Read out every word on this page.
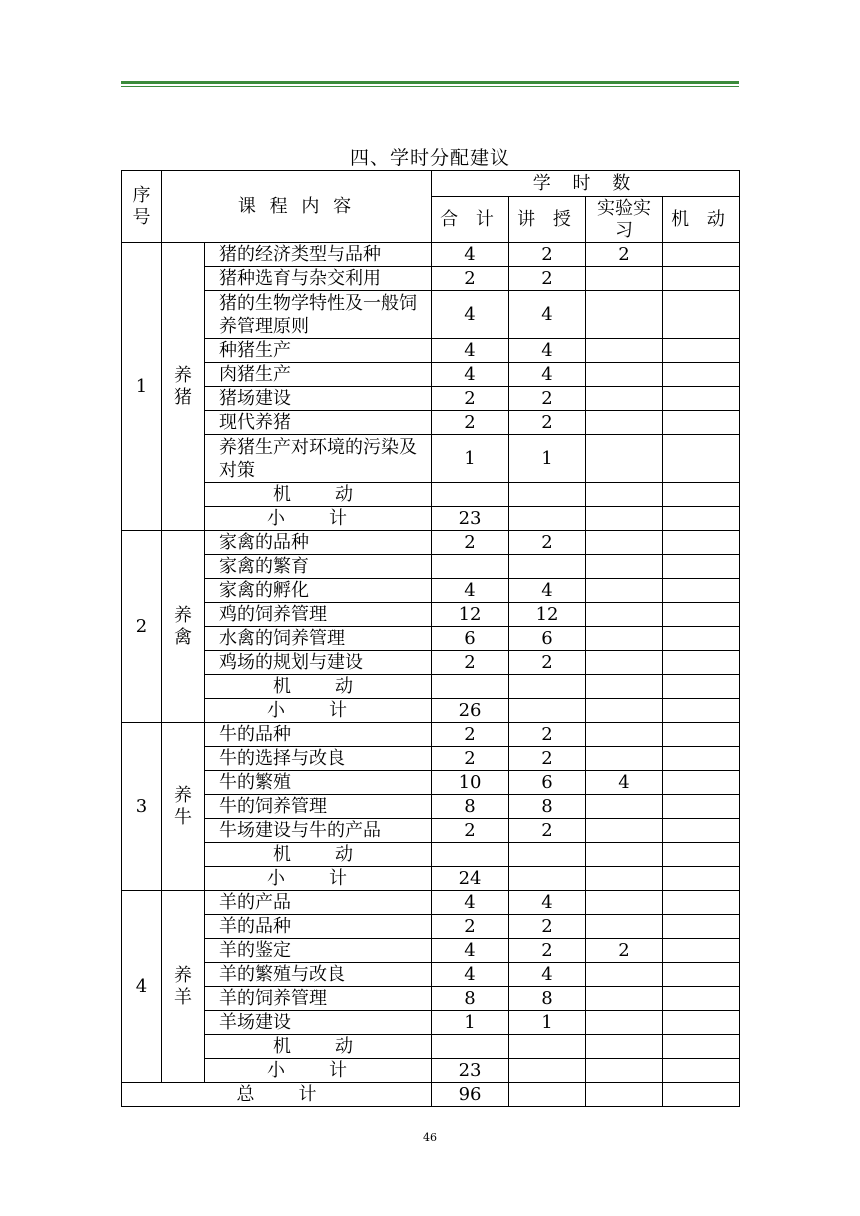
四、学时分配建议
序号	课 程 内 容		学 时 数			
			合 计	讲 授	实验实习	机 动
1	养猪	猪的经济类型与品种	4	2	2	
		猪种选育与杂交利用	2	2		
		猪的生物学特性及一般饲养管理原则	4	4		
		种猪生产	4	4		
		肉猪生产	4	4		
		猪场建设	2	2		
		现代养猪	2	2		
		养猪生产对环境的污染及对策	1	1		
		机 动				
		小 计	23			
2	养禽	家禽的品种	2	2		
		家禽的繁育				
		家禽的孵化	4	4		
		鸡的饲养管理	12	12		
		水禽的饲养管理	6	6		
		鸡场的规划与建设	2	2		
		机 动				
		小 计	26			
3	养牛	牛的品种	2	2		
		牛的选择与改良	2	2		
		牛的繁殖	10	6	4	
		牛的饲养管理	8	8		
		牛场建设与牛的产品	2	2		
		机 动				
		小 计	24			
4	养羊	羊的产品	4	4		
		羊的品种	2	2		
		羊的鉴定	4	2	2	
		羊的繁殖与改良	4	4		
		羊的饲养管理	8	8		
		羊场建设	1	1		
		机 动				
		小 计	23			
总 计			96			
46
